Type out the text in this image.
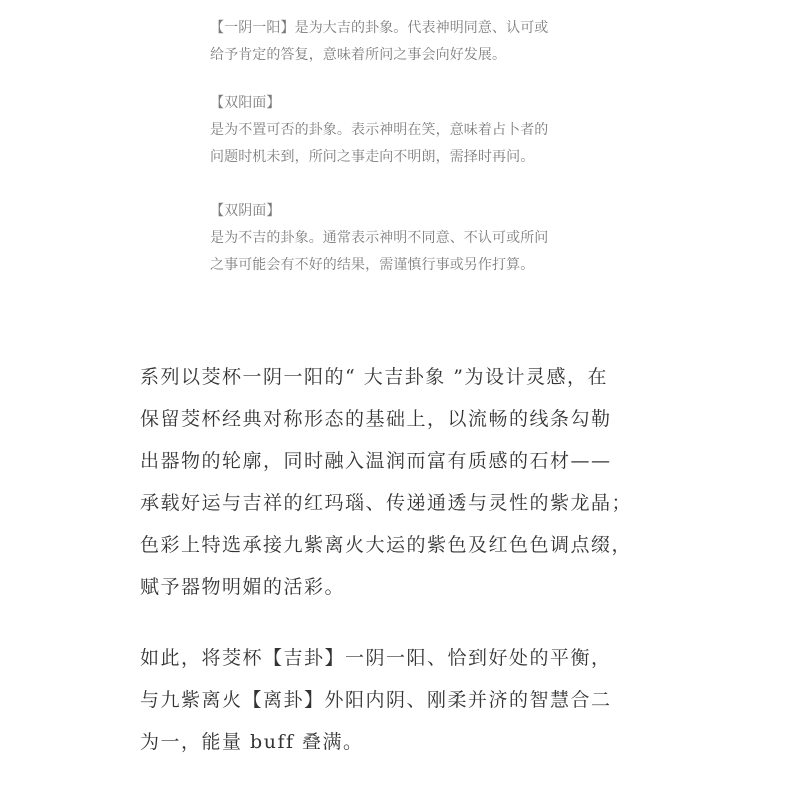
【一阴一阳】是为大吉的卦象。代表神明同意、认可或
给予肯定的答复，意味着所问之事会向好发展。
【双阳面】
是为不置可否的卦象。表示神明在笑，意味着占卜者的
问题时机未到，所问之事走向不明朗，需择时再问。
【双阴面】
是为不吉的卦象。通常表示神明不同意、不认可或所问
之事可能会有不好的结果，需谨慎行事或另作打算。
系列以茭杯一阴一阳的“ 大吉卦象 ”为设计灵感，在
保留茭杯经典对称形态的基础上，以流畅的线条勾勒
出器物的轮廓，同时融入温润而富有质感的石材——
承载好运与吉祥的红玛瑙、传递通透与灵性的紫龙晶；
色彩上特选承接九紫离火大运的紫色及红色色调点缀，
赋予器物明媚的活彩。
如此，将茭杯【吉卦】一阴一阳、恰到好处的平衡，
与九紫离火【离卦】外阳内阴、刚柔并济的智慧合二
为一，能量 buff 叠满。
